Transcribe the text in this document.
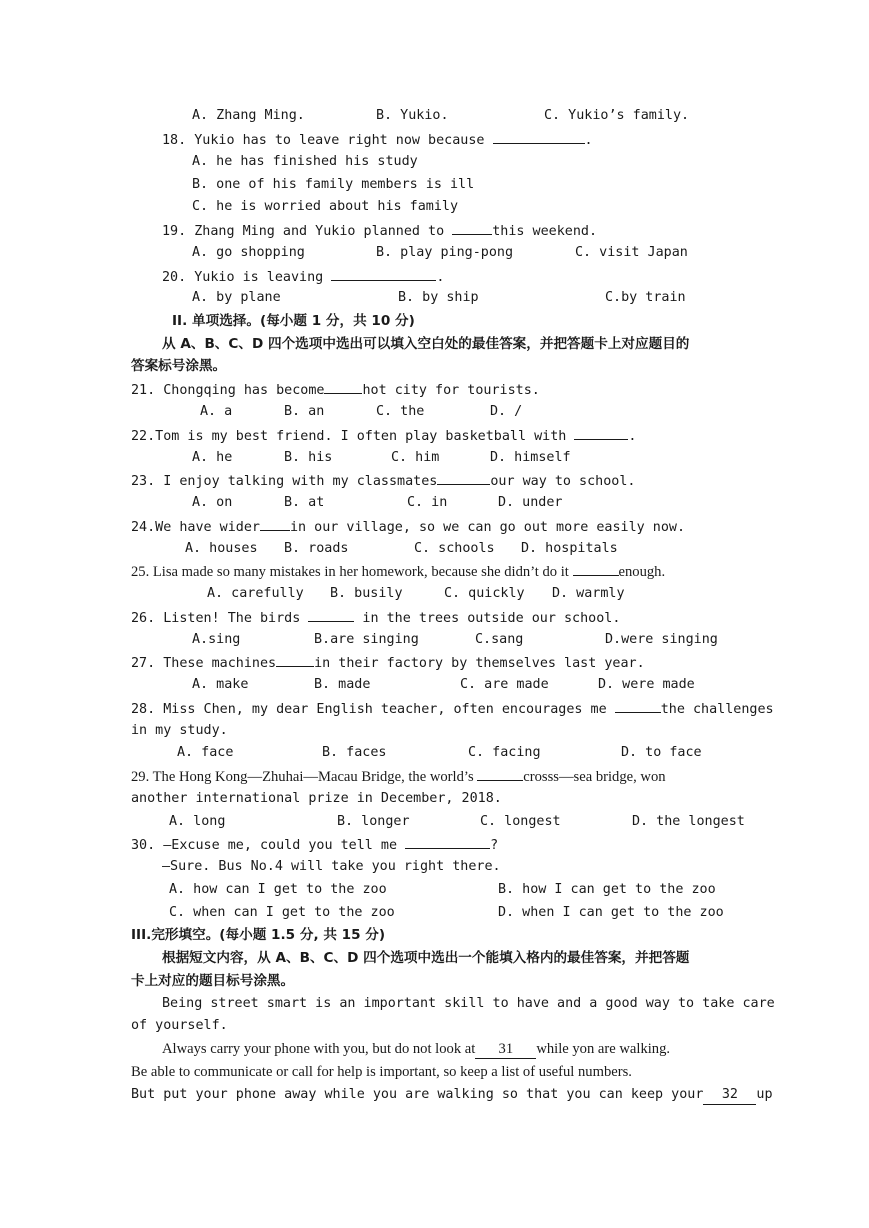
A. Zhang Ming.	B. Yukio.	C. Yukio’s family.
18. Yukio has to leave right now because	.
A. he has finished his study
B. one of his family members is ill
C. he is worried about his family
19. Zhang Ming and Yukio planned to	this weekend.
A. go shopping	B. play ping-pong	C. visit Japan
20. Yukio is leaving	.
A. by plane	B. by ship	C.by train
II. 单项选择。(每小题 1 分，共 10 分)
从 A、B、C、D 四个选项中选出可以填入空白处的最佳答案，并把答题卡上对应题目的
答案标号涂黑。
21. Chongqing has become	hot city for tourists.
A. a	B. an	C. the	D. /
22.Tom is my best friend. I often play basketball with	.
A. he	B. his	C. him	D. himself
23. I enjoy talking with my classmates	our way to school.
A. on	B. at	C. in	D. under
24.We have wider in our village, so we can go out more easily now.
A. houses B. roads	C. schools D. hospitals
25. Lisa made so many mistakes in her homework, because she didn’t do it	enough.
A. carefully B. busily	C. quickly D. warmly
26. Listen! The birds	in the trees outside our school.
A.sing	B.are singing	C.sang	D.were singing
27. These machines	in their factory by themselves last year.
A. make	B. made	C. are made	D. were made
28. Miss Chen, my dear English teacher, often encourages me	the challenges
in my study.
A. face	B. faces	C. facing	D. to face
29. The Hong Kong—Zhuhai—Macau Bridge, the world’s	crosss—sea bridge, won
another international prize in December, 2018.
A. long	B. longer	C. longest	D. the longest
30. —Excuse me, could you tell me	?
—Sure. Bus No.4 will take you right there.
A. how can I get to the zoo	B. how I can get to the zoo
C. when can I get to the zoo	D. when I can get to the zoo
III.完形填空。(每小题 1.5 分, 共 15 分)
根据短文内容，从 A、B、C、D 四个选项中选出一个能填入格内的最佳答案，并把答题
卡上对应的题目标号涂黑。
Being street smart is an important skill to have and a good way to take care
of yourself.
Always carry your phone with you, but do not look at 31 while yon are walking.
Be able to communicate or call for help is important, so keep a list of useful numbers.
But put your phone away while you are walking so that you can keep your 32 up
